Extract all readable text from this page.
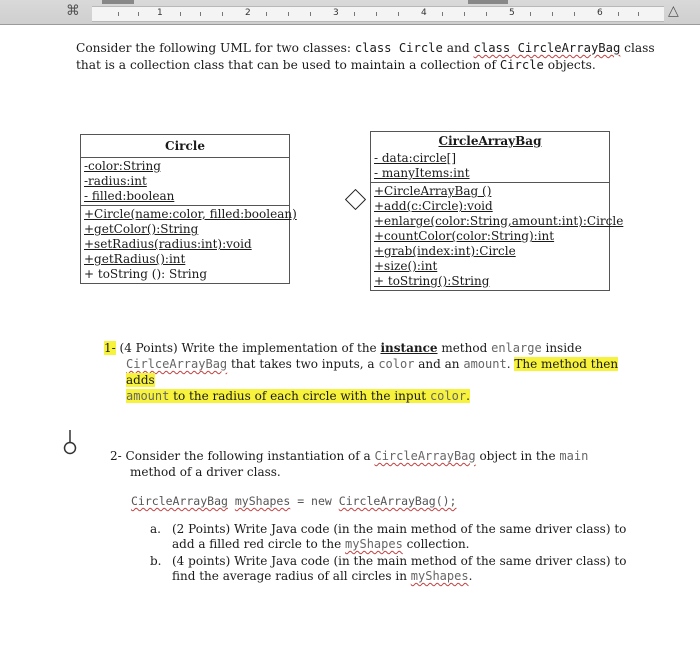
⌘	△
1	2	3	4	5	6
Consider the following UML for two classes: class Circle and class CircleArrayBag class that is a collection class that can be used to maintain a collection of Circle objects.
Circle
-color:String
-radius:int
- filled:boolean
+Circle(name:color, filled:boolean)
+getColor():String
+setRadius(radius:int):void
+getRadius():int
+ toString (): String
CircleArrayBag
- data:circle[]
- manyItems:int
+CircleArrayBag ()
+add(c:Circle):void
+enlarge(color:String,amount:int):Circle
+countColor(color:String):int
+grab(index:int):Circle
+size():int
+ toString():String
1- (4 Points) Write the implementation of the instance method enlarge inside
CirlceArrayBag that takes two inputs, a color and an amount. The method then adds
amount to the radius of each circle with the input color.
2- Consider the following instantiation of a CircleArrayBag object in the main
method of a driver class.
CircleArrayBag myShapes = new CircleArrayBag();
a. (2 Points) Write Java code (in the main method of the same driver class) to add a filled red circle to the myShapes collection.
b. (4 points) Write Java code (in the main method of the same driver class) to find the average radius of all circles in myShapes.
